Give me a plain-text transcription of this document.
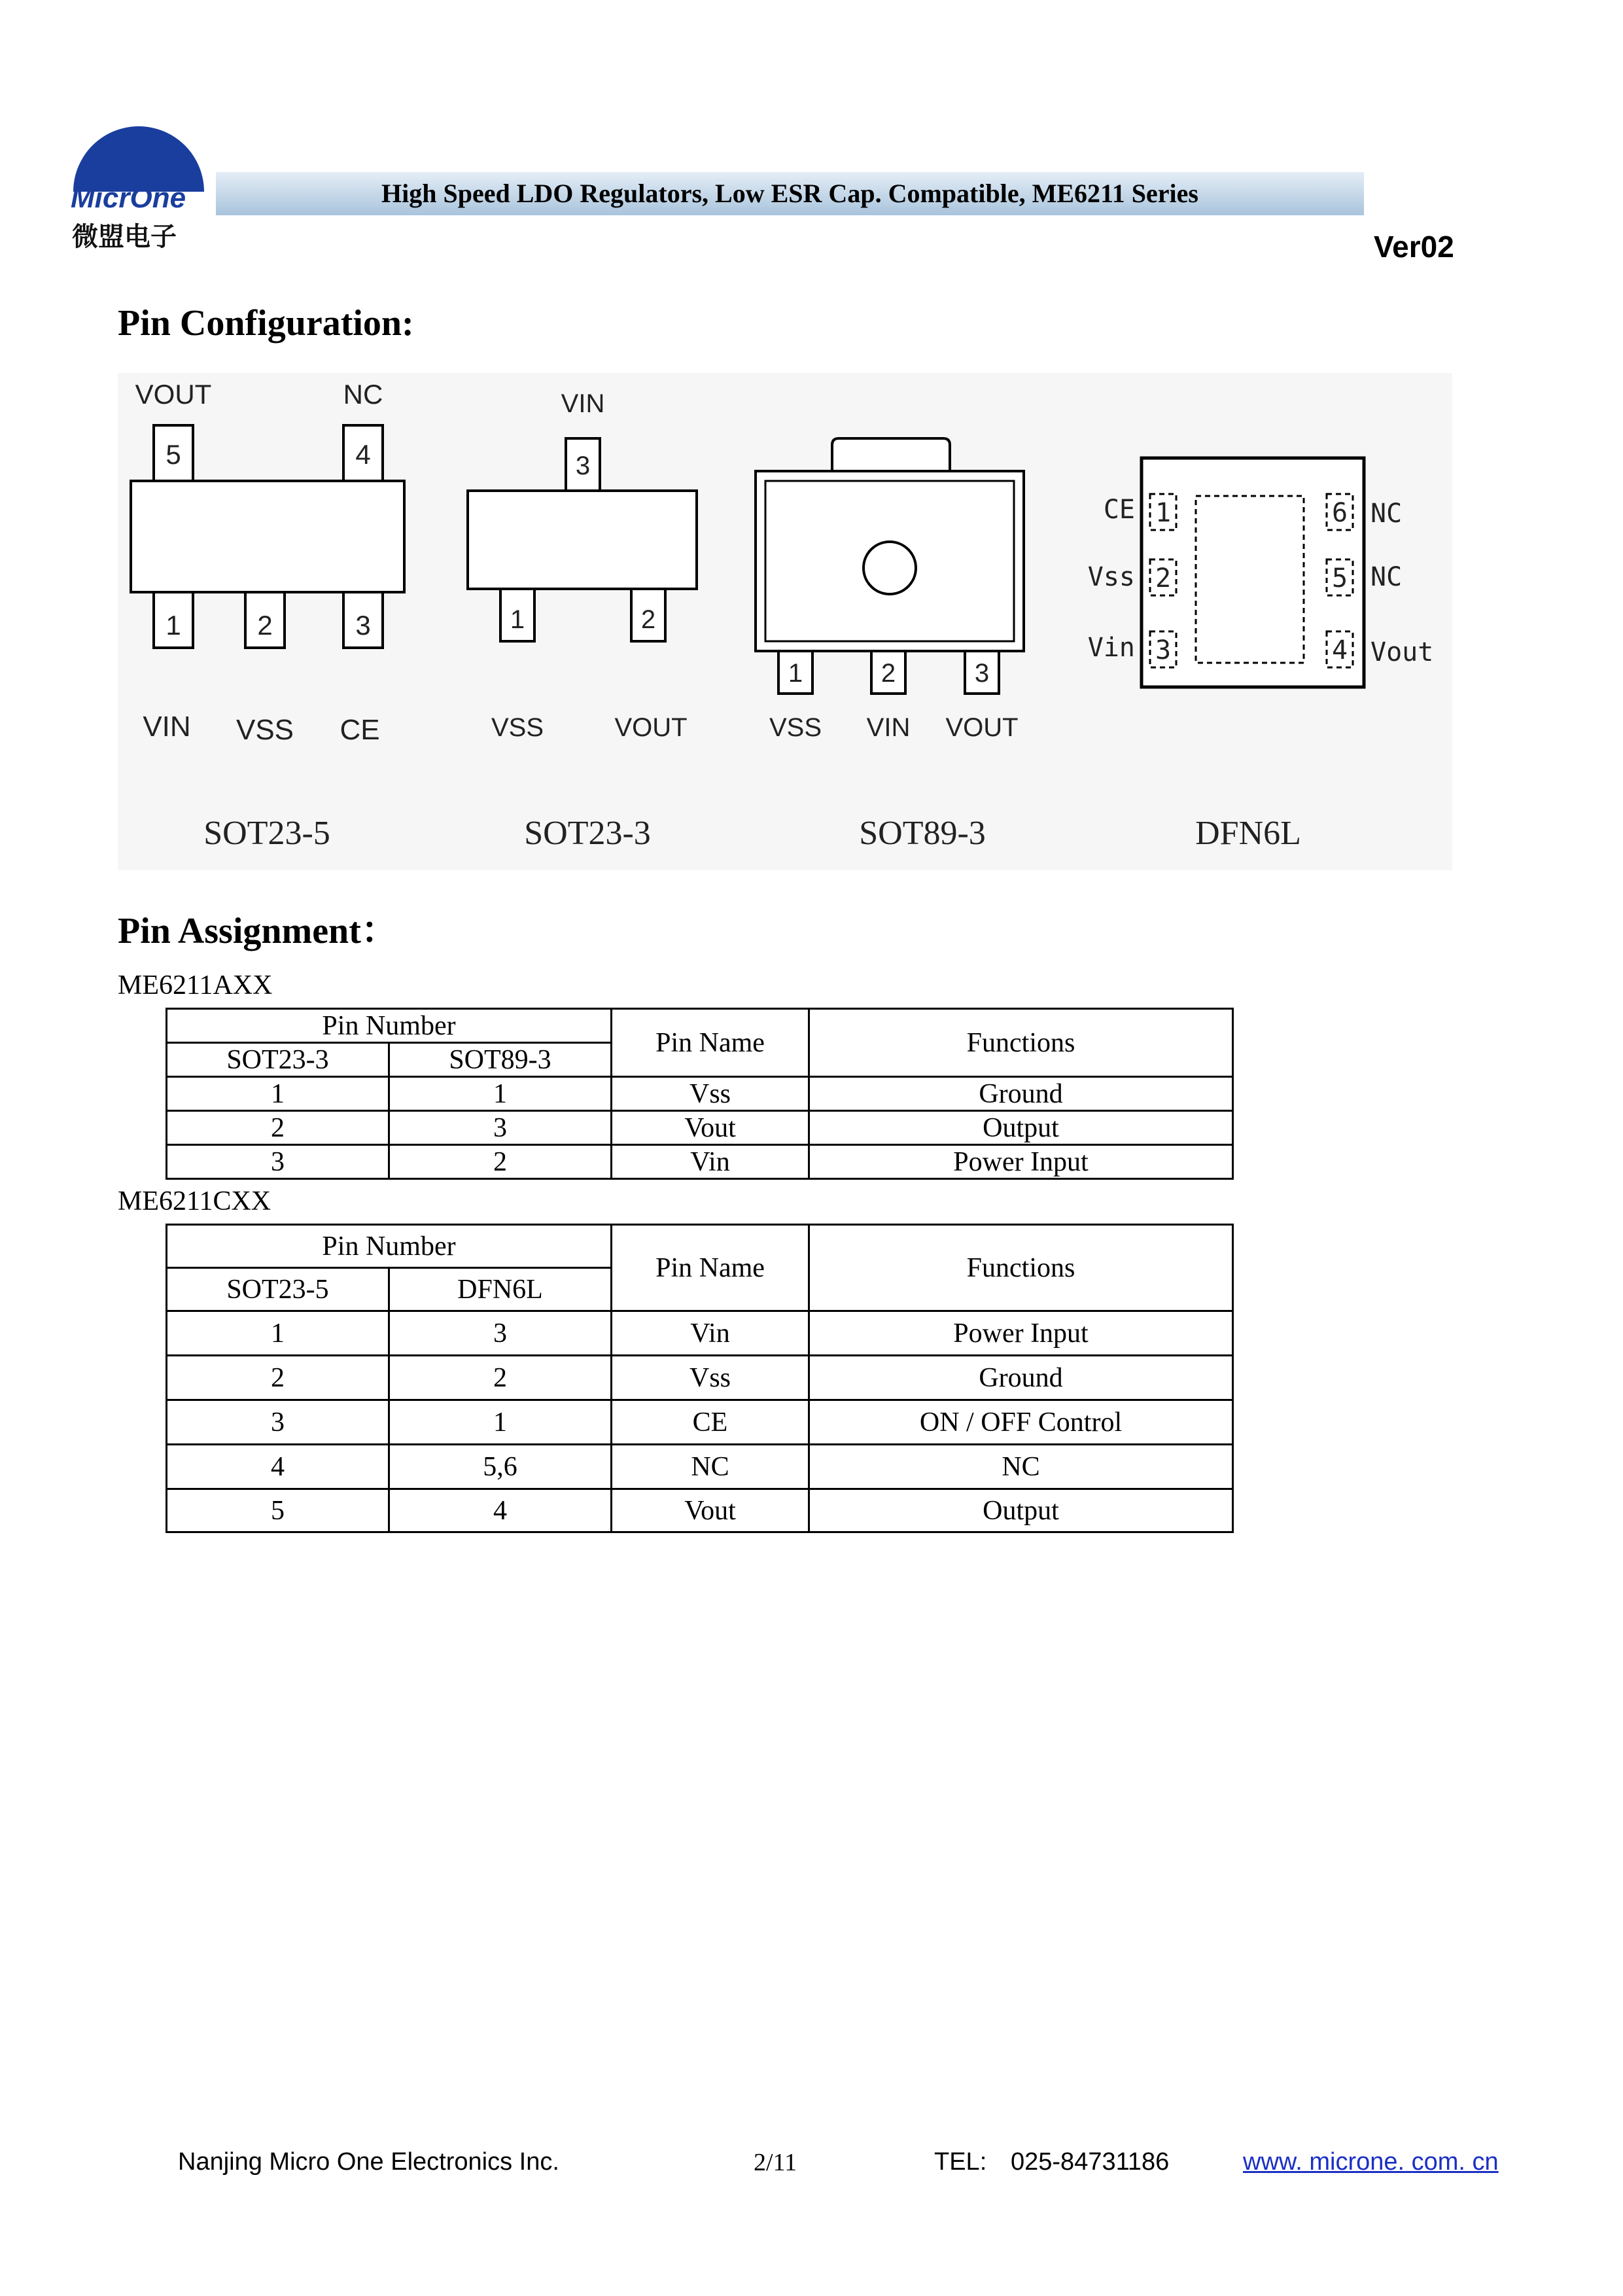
MicrOne
微盟电子
High Speed LDO Regulators, Low ESR Cap. Compatible, ME6211 Series
Ver02
Pin Configuration:
5	4
VOUT	NC
1	2	3
VIN VSS CE
3
VIN
1	2
VSS	VOUT
1	2	3
VSS VIN VOUT
1
2
3
6
5
4
CE
Vss
Vin
NC
NC
Vout
SOT23-5	SOT23-3	SOT89-3	DFN6L
Pin Assignment：
ME6211AXX
Pin Number		Pin Name	Functions
SOT23-3	SOT89-3		
1	1	Vss	Ground
2	3	Vout	Output
3	2	Vin	Power Input
ME6211CXX
Pin Number		Pin Name	Functions
SOT23-5	DFN6L		
1	3	Vin	Power Input
2	2	Vss	Ground
3	1	CE	ON / OFF Control
4	5,6	NC	NC
5	4	Vout	Output
Nanjing Micro One Electronics Inc.	2/11	TEL: 025-84731186	www. microne. com. cn
